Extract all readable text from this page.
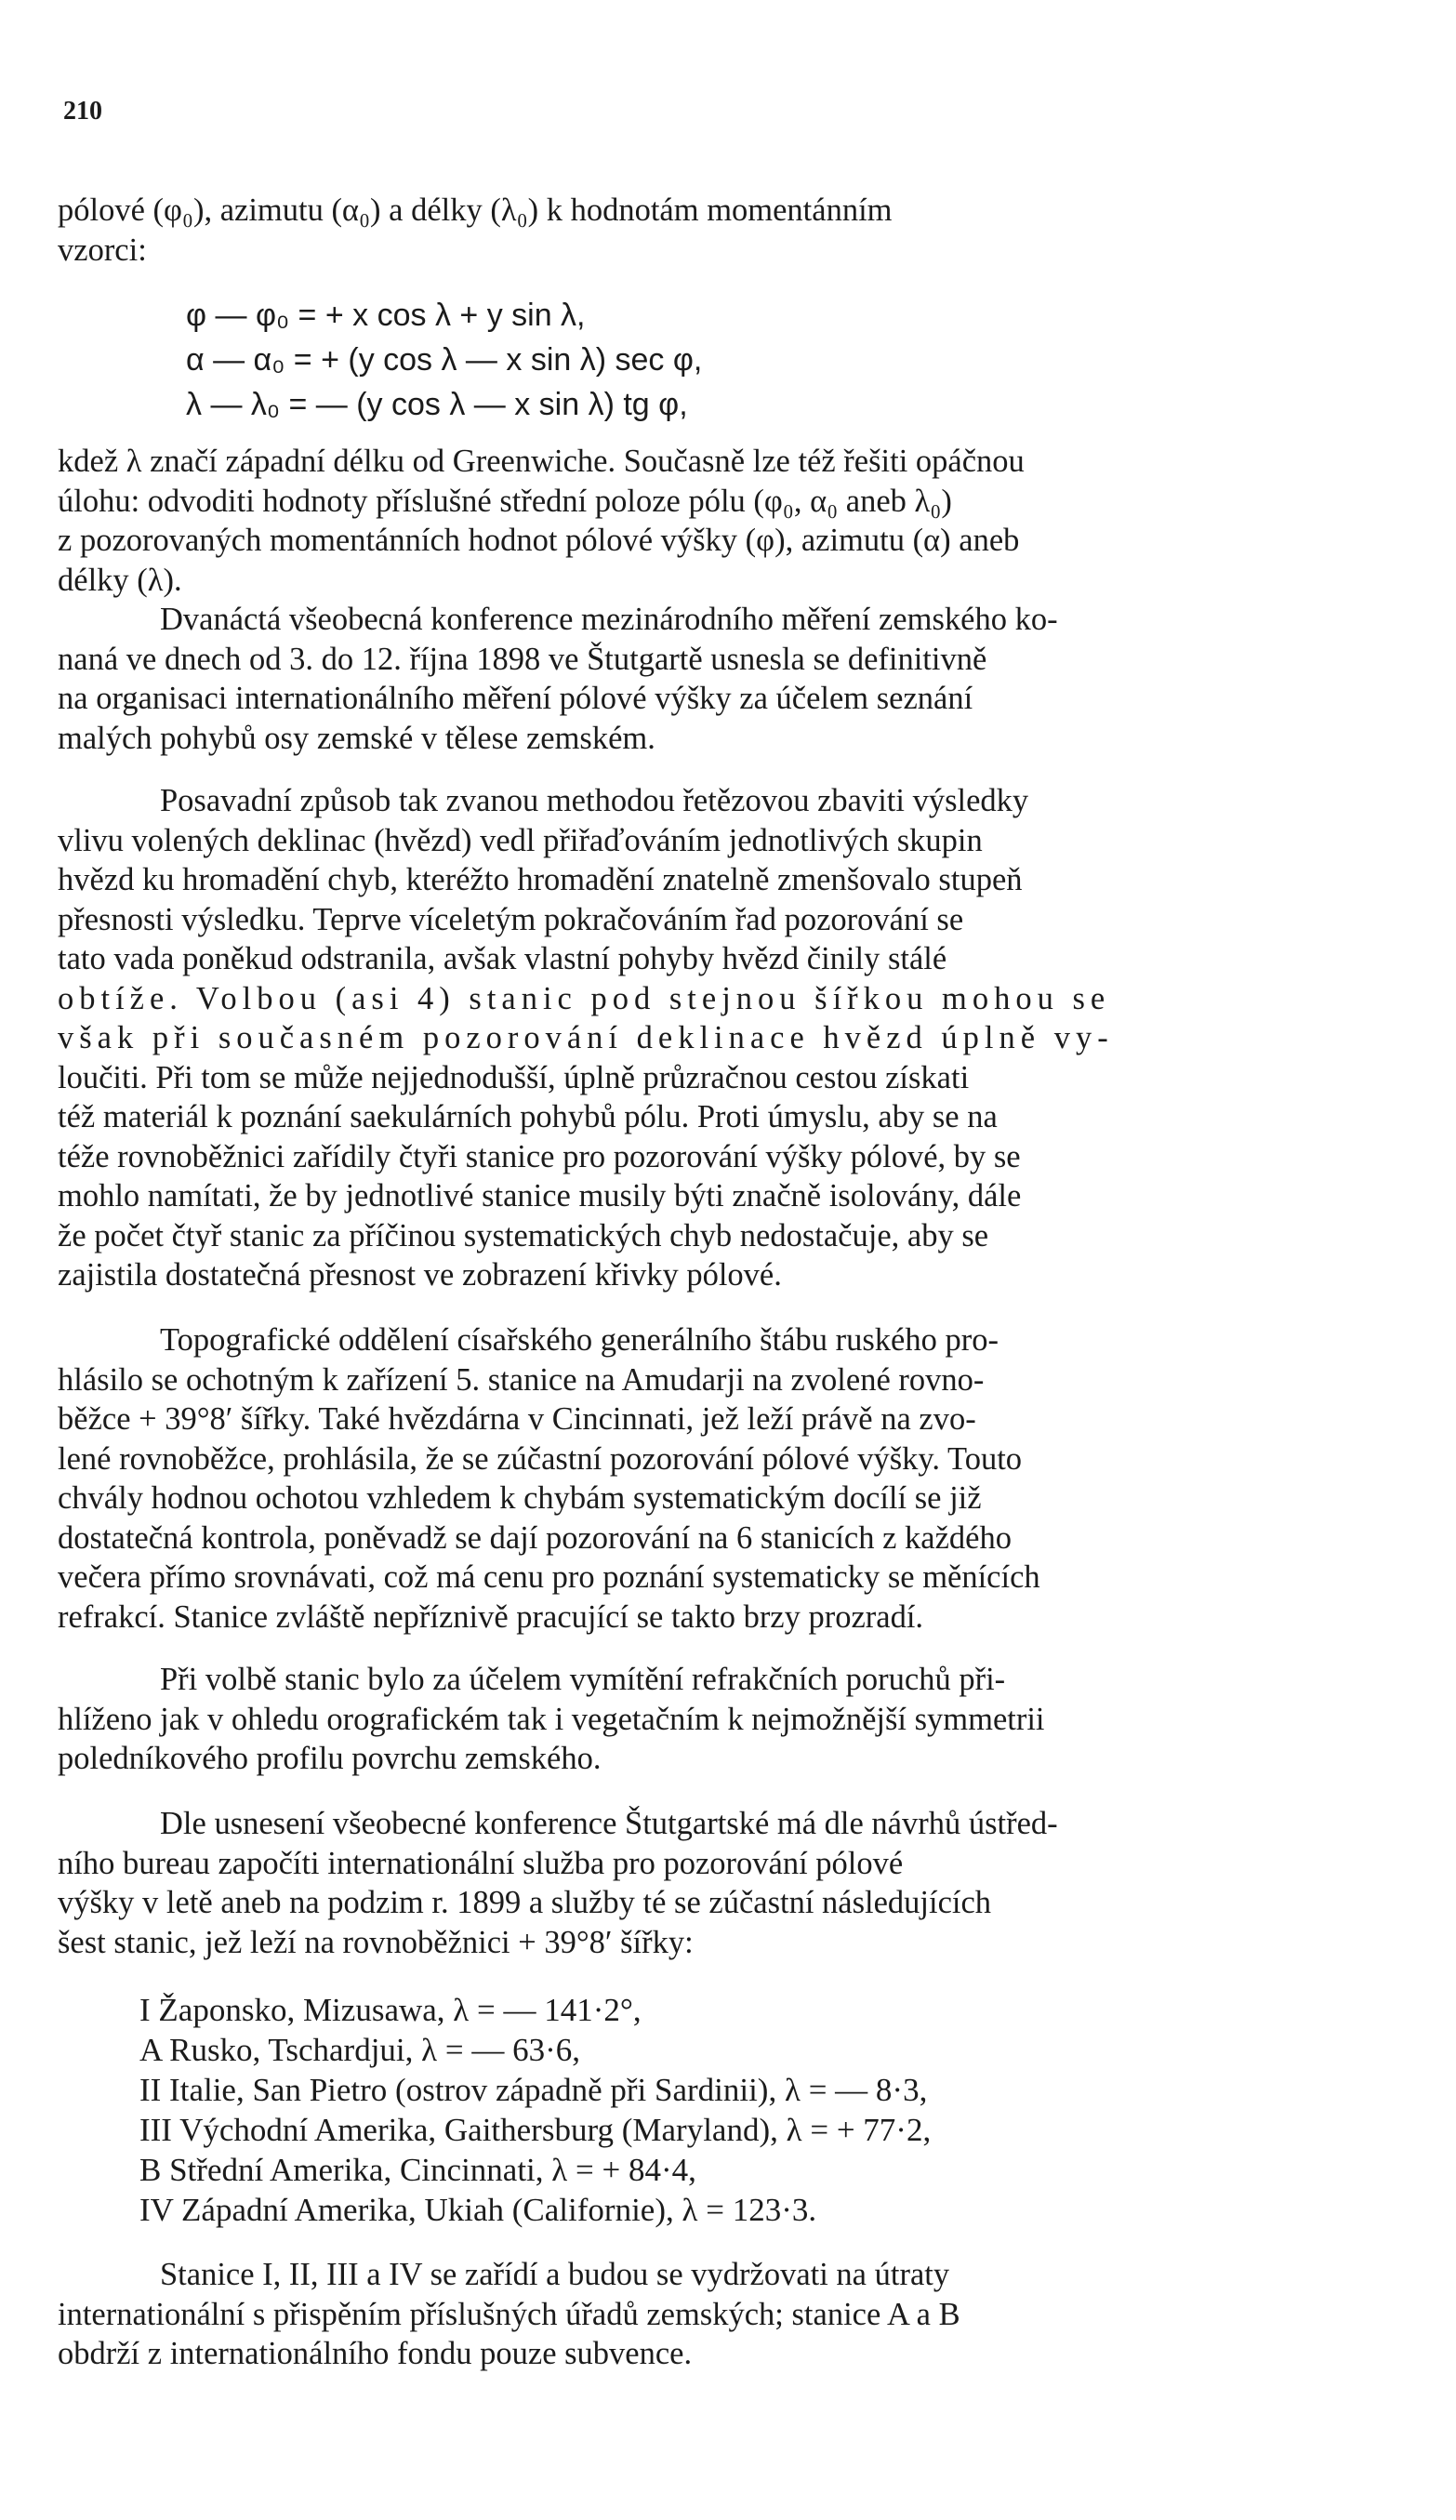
210
pólové (φ₀), azimutu (α₀) a délky (λ₀) k hodnotám momentánním
vzorci:
φ — φ₀ = + x cos λ + y sin λ,
α — α₀ = + (y cos λ — x sin λ) sec φ,
λ — λ₀ = — (y cos λ — x sin λ) tg φ,
kdež λ značí západní délku od Greenwiche. Současně lze též řešiti opáčnou
úlohu: odvoditi hodnoty příslušné střední poloze pólu (φ₀, α₀ aneb λ₀)
z pozorovaných momentánních hodnot pólové výšky (φ), azimutu (α) aneb
délky (λ).
Dvanáctá všeobecná konference mezinárodního měření zemského ko-
naná ve dnech od 3. do 12. října 1898 ve Štutgartě usnesla se definitivně
na organisaci internationálního měření pólové výšky za účelem seznání
malých pohybů osy zemské v tělese zemském.
Posavadní způsob tak zvanou methodou řetězovou zbaviti výsledky
vlivu volených deklinac (hvězd) vedl přiřaďováním jednotlivých skupin
hvězd ku hromadění chyb, kteréžto hromadění znatelně zmenšovalo stupeň
přesnosti výsledku. Teprve víceletým pokračováním řad pozorování se
tato vada poněkud odstranila, avšak vlastní pohyby hvězd činily stálé
obtíže. Volbou (asi 4) stanic pod stejnou šířkou mohou se
však při současném pozorování deklinace hvězd úplně vy-
loučiti. Při tom se může nejjednodušší, úplně průzračnou cestou získati
též materiál k poznání saekulárních pohybů pólu. Proti úmyslu, aby se na
téže rovnoběžnici zařídily čtyři stanice pro pozorování výšky pólové, by se
mohlo namítati, že by jednotlivé stanice musily býti značně isolovány, dále
že počet čtyř stanic za příčinou systematických chyb nedostačuje, aby se
zajistila dostatečná přesnost ve zobrazení křivky pólové.
Topografické oddělení císařského generálního štábu ruského pro-
hlásilo se ochotným k zařízení 5. stanice na Amudarji na zvolené rovno-
běžce + 39°8′ šířky. Také hvězdárna v Cincinnati, jež leží právě na zvo-
lené rovnoběžce, prohlásila, že se zúčastní pozorování pólové výšky. Touto
chvály hodnou ochotou vzhledem k chybám systematickým docílí se již
dostatečná kontrola, poněvadž se dají pozorování na 6 stanicích z každého
večera přímo srovnávati, což má cenu pro poznání systematicky se měnících
refrakcí. Stanice zvláště nepříznivě pracující se takto brzy prozradí.
Při volbě stanic bylo za účelem vymítění refrakčních poruchů při-
hlíženo jak v ohledu orografickém tak i vegetačním k nejmožnější symmetrii
poledníkového profilu povrchu zemského.
Dle usnesení všeobecné konference Štutgartské má dle návrhů ústřed-
ního bureau započíti internationální služba pro pozorování pólové
výšky v letě aneb na podzim r. 1899 a služby té se zúčastní následujících
šest stanic, jež leží na rovnoběžnici + 39°8′ šířky:
I Žaponsko, Mizusawa, λ = — 141·2°,
A Rusko, Tschardjui, λ = — 63·6,
II Italie, San Pietro (ostrov západně při Sardinii), λ = — 8·3,
III Východní Amerika, Gaithersburg (Maryland), λ = + 77·2,
B Střední Amerika, Cincinnati, λ = + 84·4,
IV Západní Amerika, Ukiah (Californie), λ = 123·3.
Stanice I, II, III a IV se zařídí a budou se vydržovati na útraty
internationální s přispěním příslušných úřadů zemských; stanice A a B
obdrží z internationálního fondu pouze subvence.
